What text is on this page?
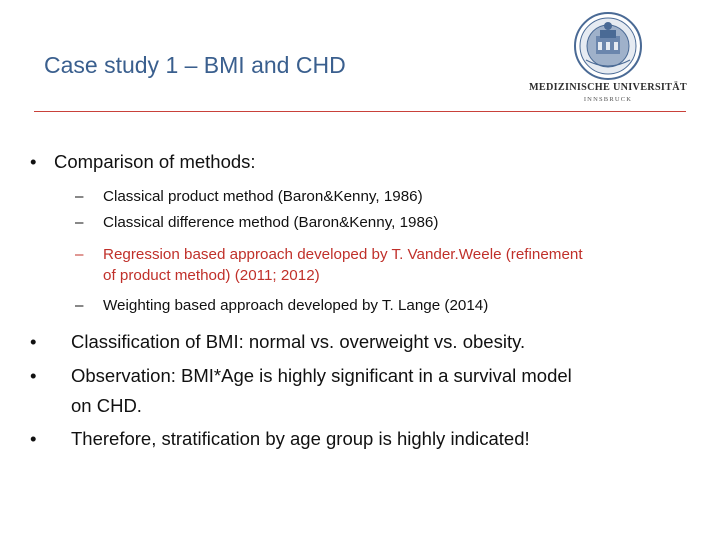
Case study 1 – BMI and CHD
MEDIZINISCHE UNIVERSITÄT
INNSBRUCK
• Comparison of methods:
– Classical product method (Baron&Kenny, 1986)
– Classical difference method (Baron&Kenny, 1986)
– Regression based approach developed by T. Vander.Weele (refinement
of product method) (2011; 2012)
– Weighting based approach developed by T. Lange (2014)
• Classification of BMI: normal vs. overweight vs. obesity.
• Observation: BMI*Age is highly significant in a survival model
on CHD.
• Therefore, stratification by age group is highly indicated!
